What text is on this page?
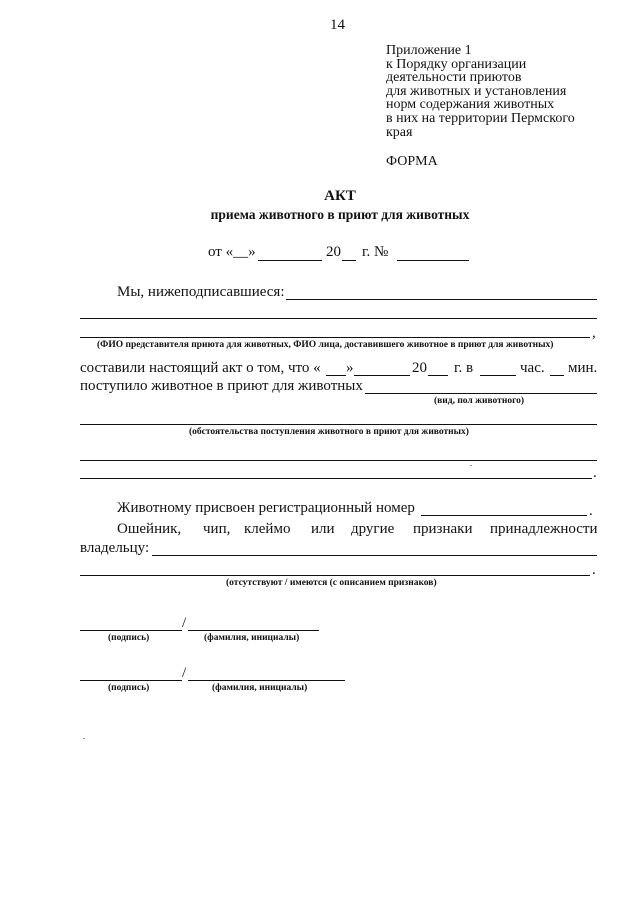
14
Приложение 1
к Порядку организации
деятельности приютов
для животных и установления
норм содержания животных
в них на территории Пермского
края
ФОРМА
АКТ
приема животного в приют для животных
от «__»	20 г. №
Мы, нижеподписавшиеся:
,
(ФИО представителя приюта для животных, ФИО лица, доставившего животное в приют для животных)
составили настоящий акт о том, что « »	20 г. в	час. мин.
поступило животное в приют для животных
(вид, пол животного)
(обстоятельства поступления животного в приют для животных)
.
Животному присвоен регистрационный номер	.
Ошейник, чип, клеймо или другие признаки принадлежности
владельцу:
.
(отсутствуют / имеются (с описанием признаков)
/
(подпись)	(фамилия, инициалы)
/
(подпись)	(фамилия, инициалы)
